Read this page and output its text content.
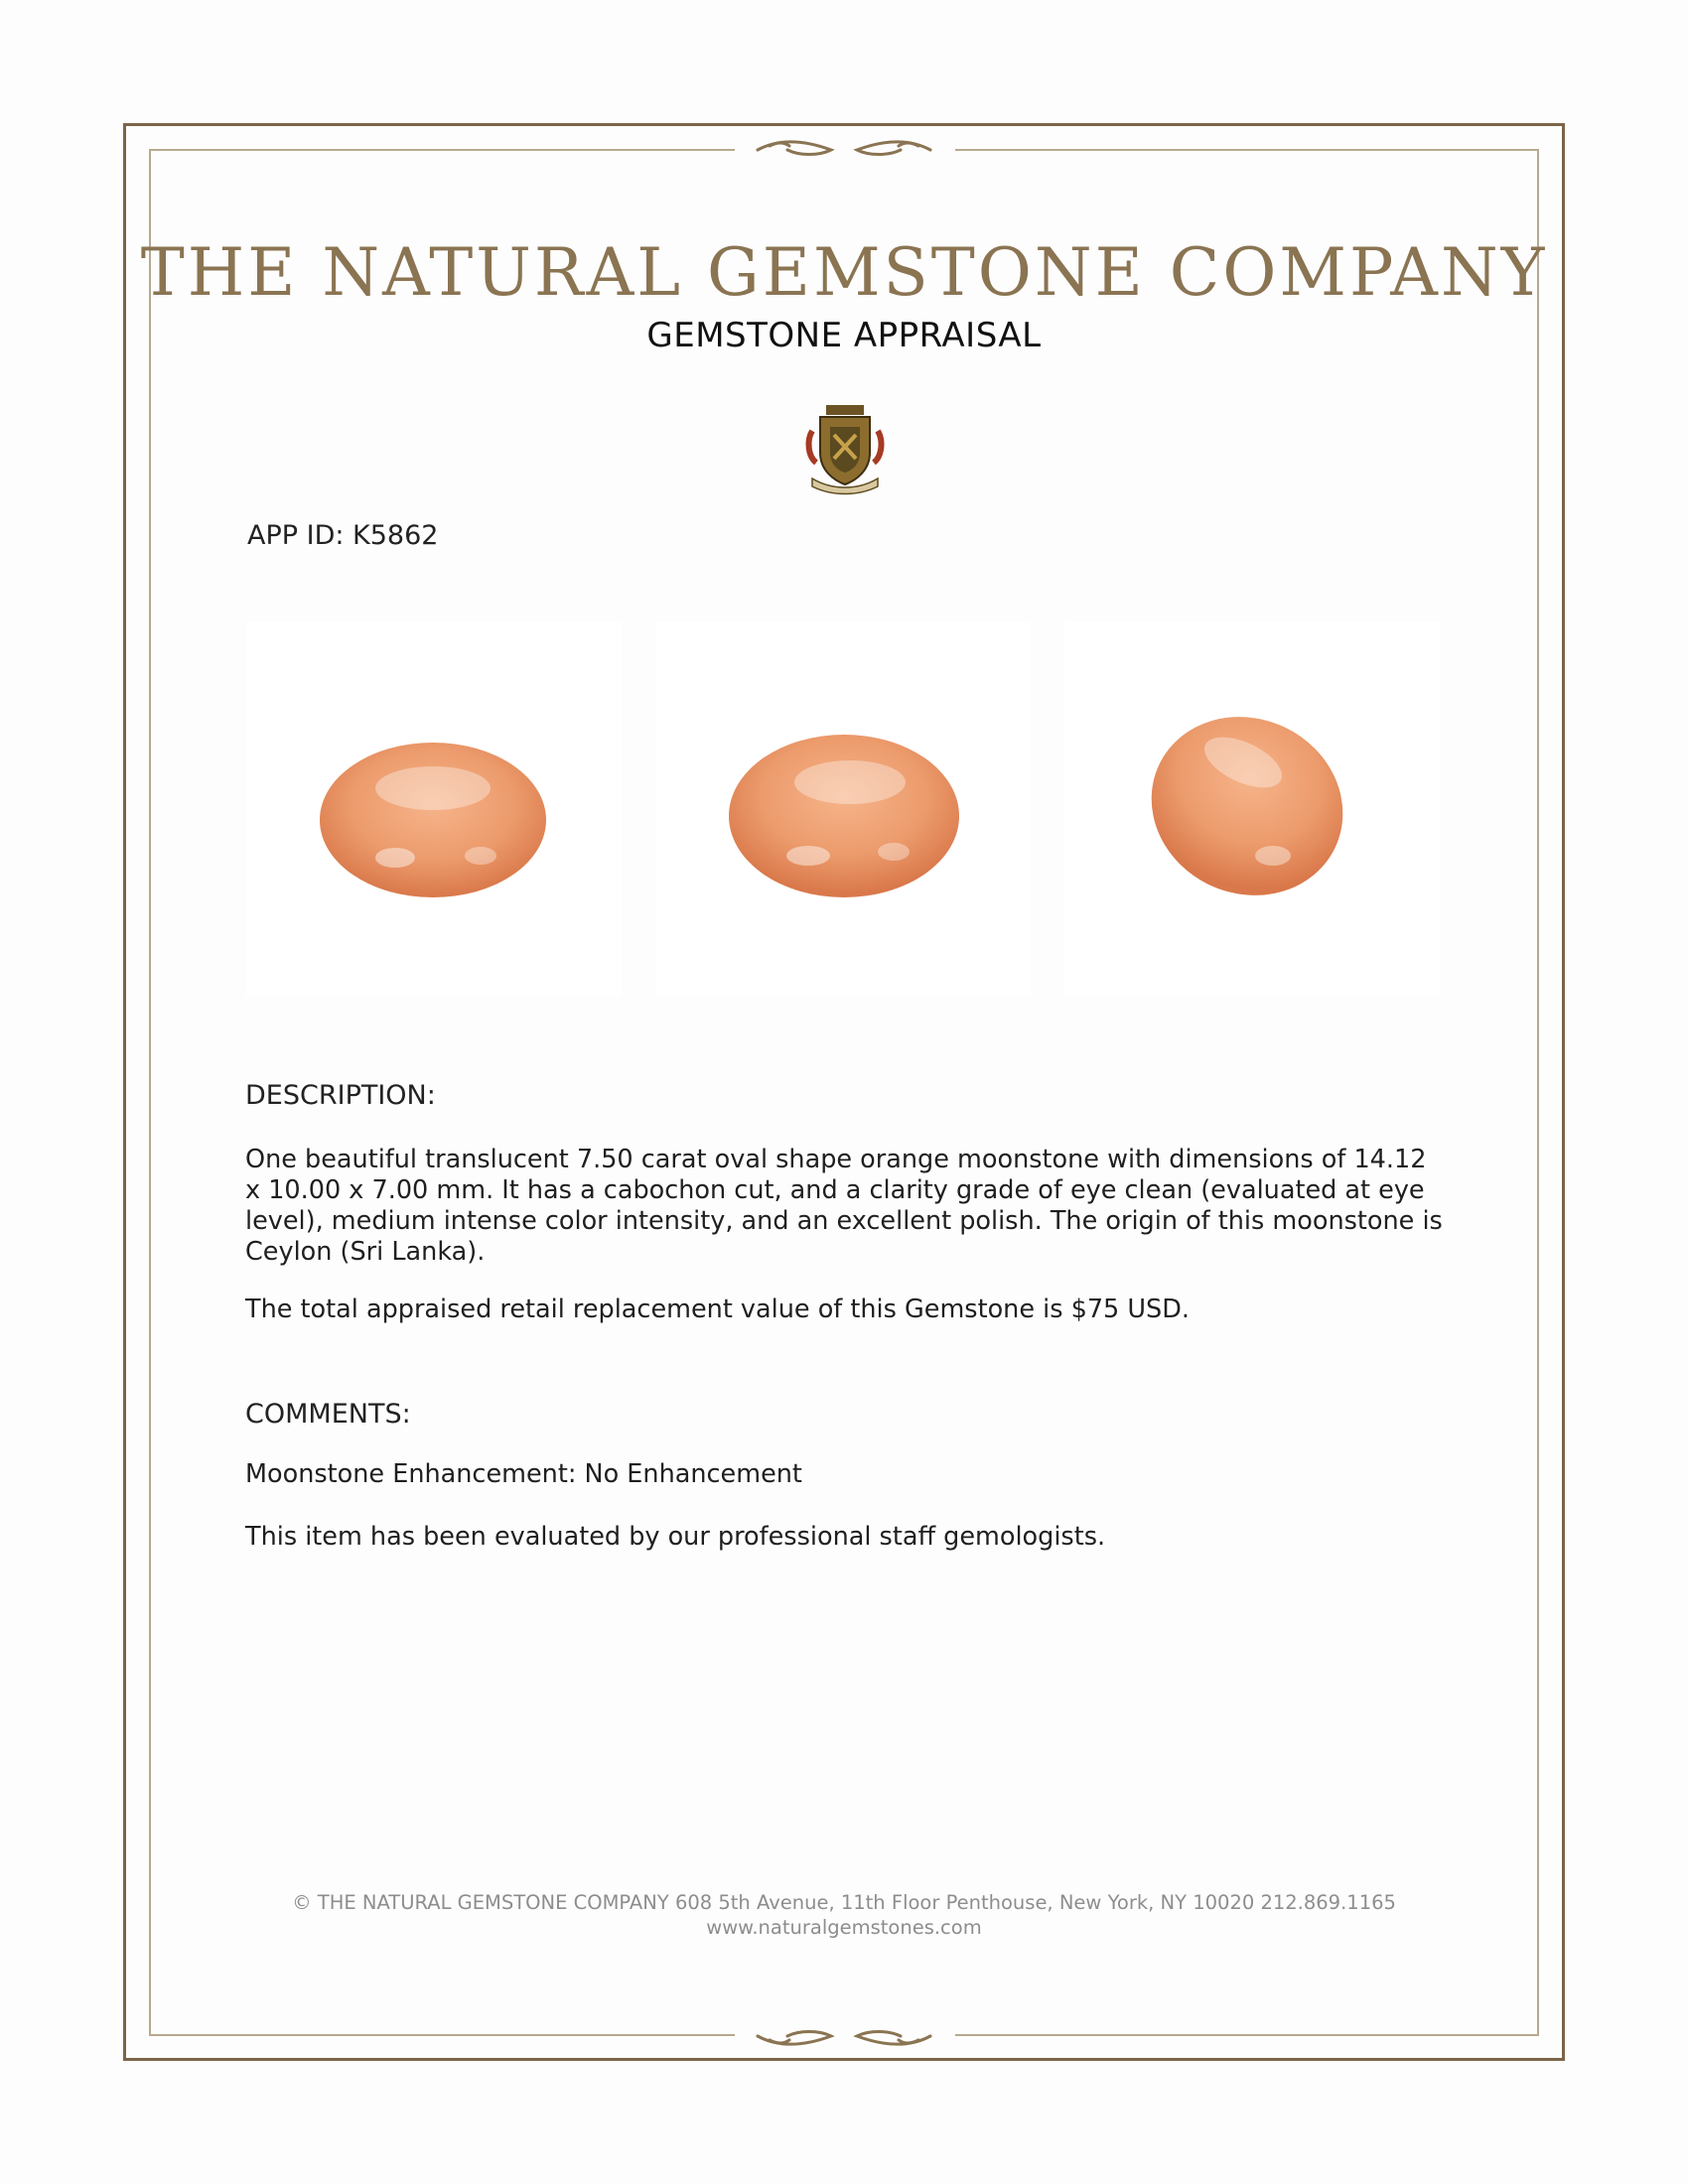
THE NATURAL GEMSTONE COMPANY
GEMSTONE APPRAISAL
APP ID: K5862
DESCRIPTION:
One beautiful translucent 7.50 carat oval shape orange moonstone with dimensions of 14.12 x 10.00 x 7.00 mm. It has a cabochon cut, and a clarity grade of eye clean (evaluated at eye level), medium intense color intensity, and an excellent polish. The origin of this moonstone is Ceylon (Sri Lanka).
The total appraised retail replacement value of this Gemstone is $75 USD.
COMMENTS:
Moonstone Enhancement: No Enhancement
This item has been evaluated by our professional staff gemologists.
© THE NATURAL GEMSTONE COMPANY 608 5th Avenue, 11th Floor Penthouse, New York, NY 10020 212.869.1165
www.naturalgemstones.com
